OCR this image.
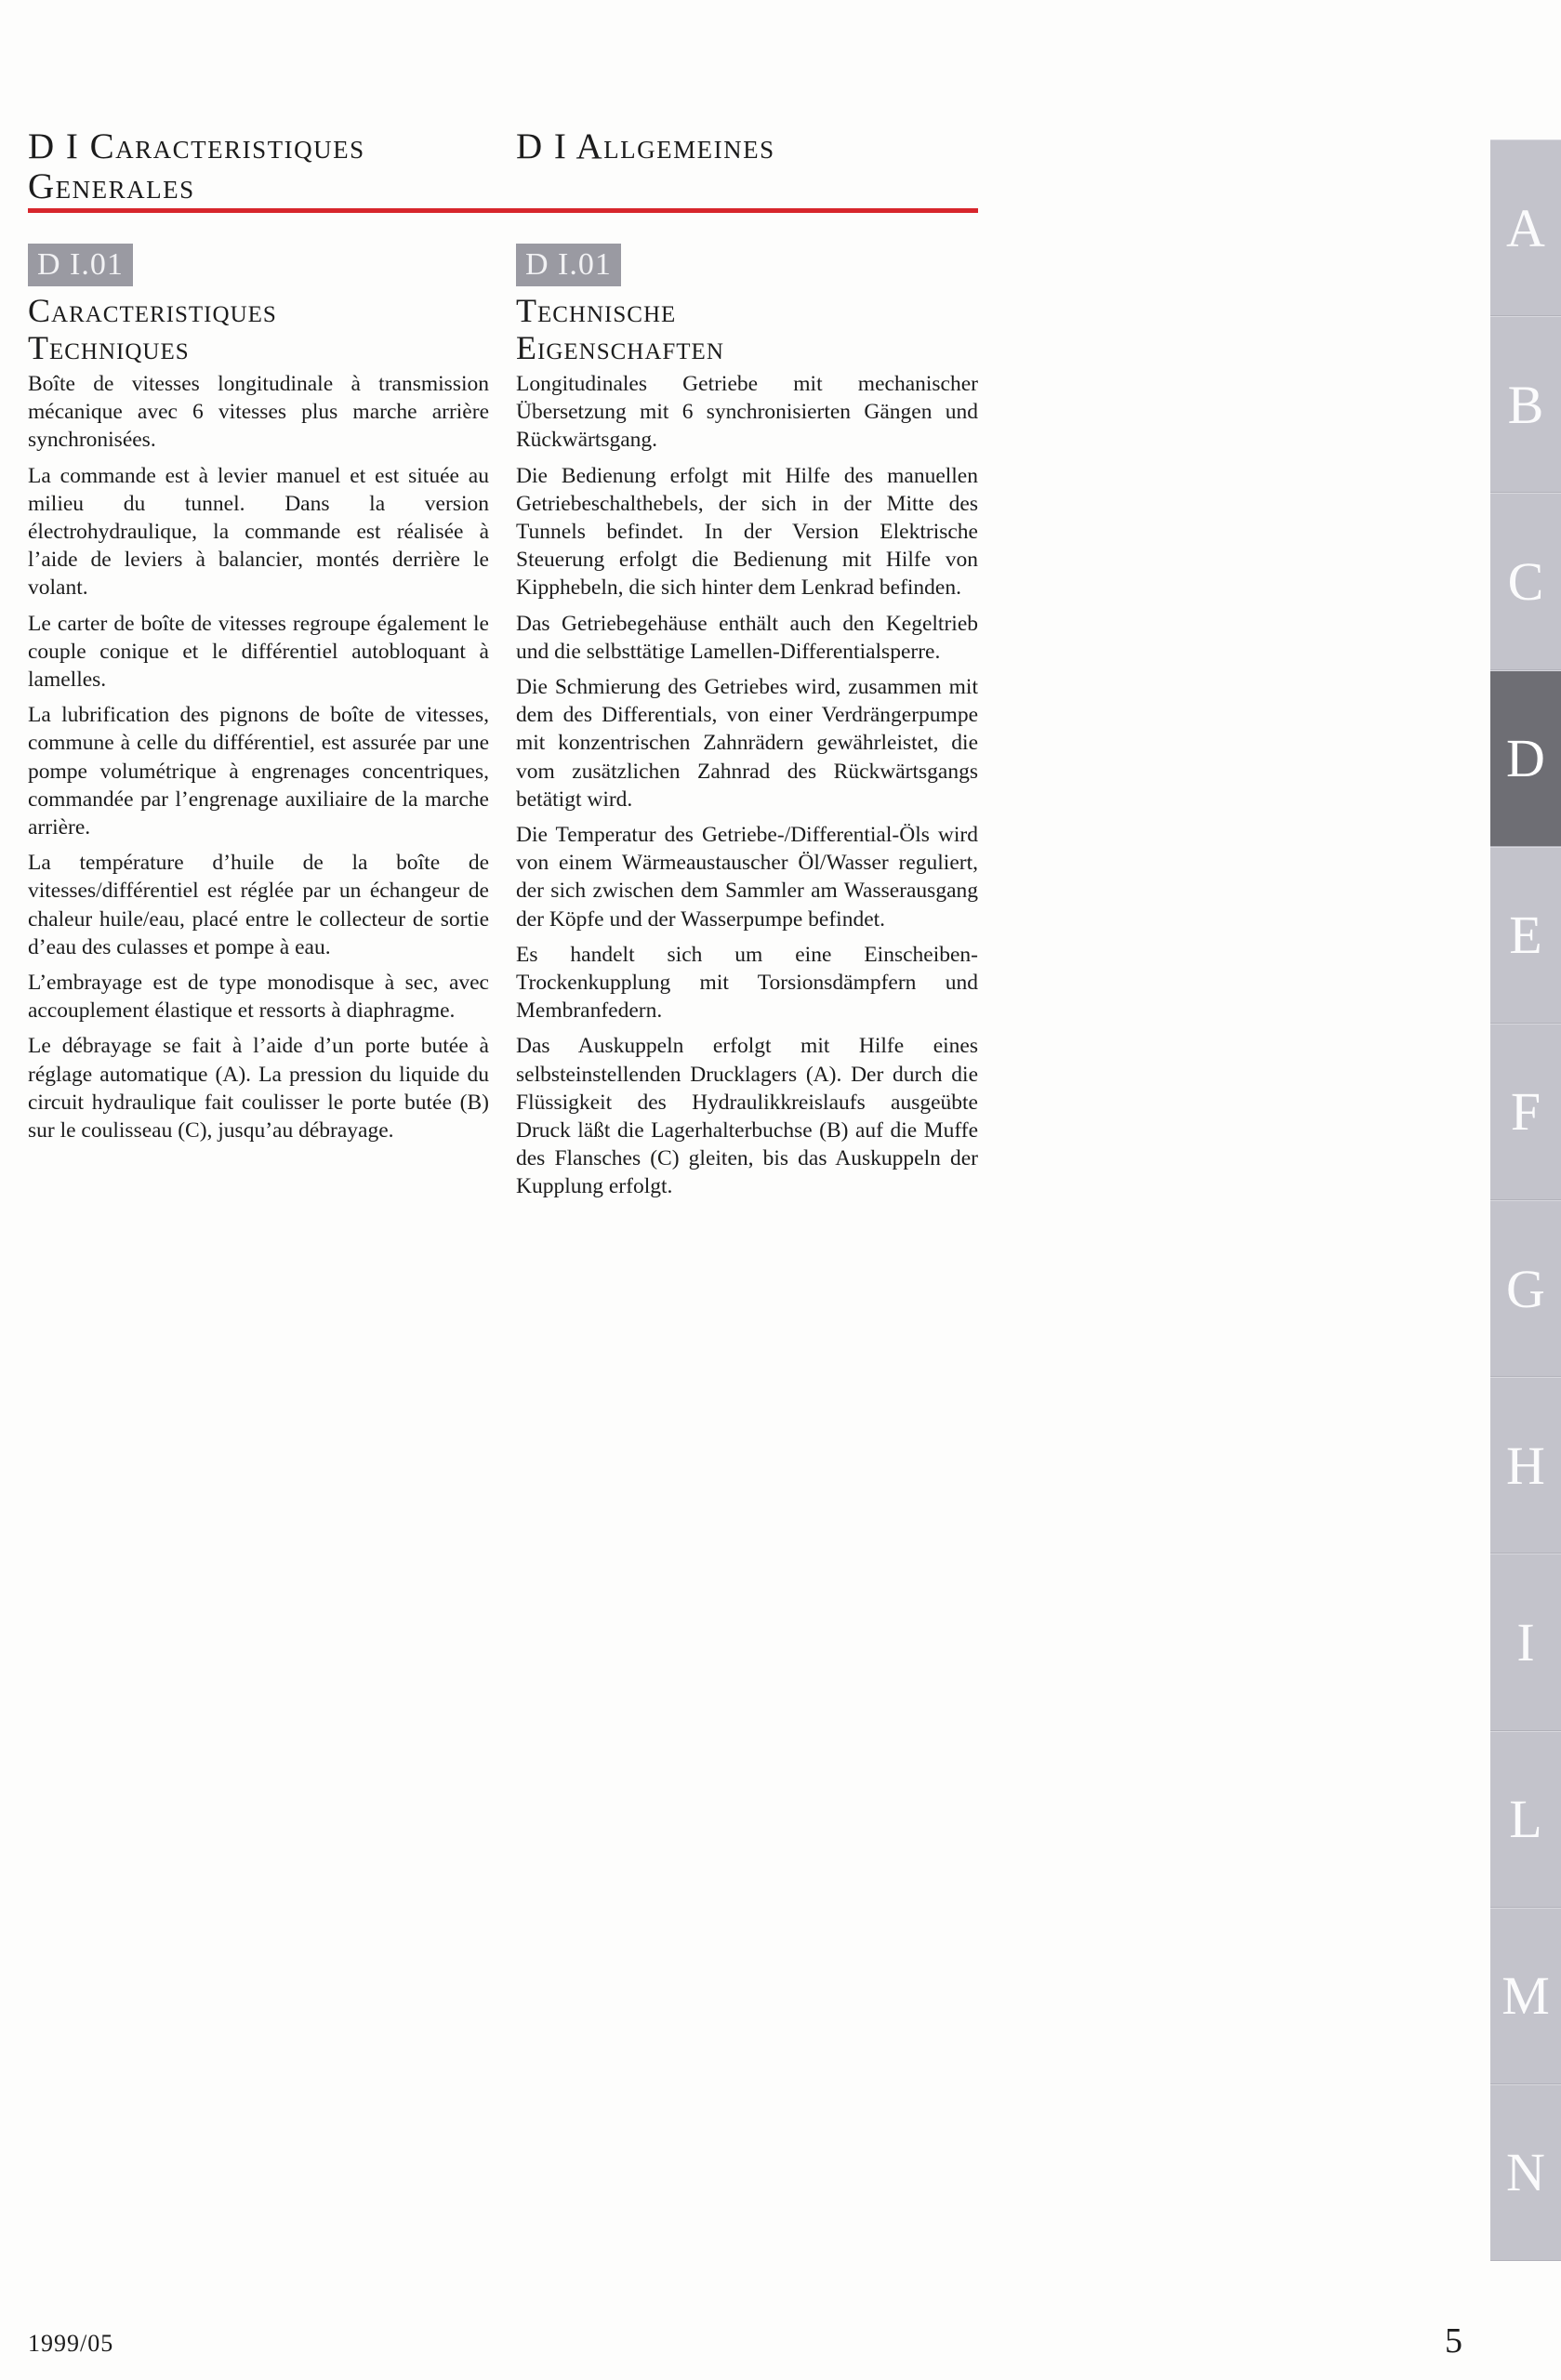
D I Caracteristiques
Generales
D I Allgemeines
D I.01	D I.01
Caracteristiques
Techniques
Technische
Eigenschaften

Boîte de vitesses longitudinale à transmission mécanique avec 6 vitesses plus marche arrière synchronisées.

La commande est à levier manuel et est située au milieu du tunnel. Dans la version électrohydraulique, la commande est réalisée à l’aide de leviers à balancier, montés derrière le volant.

Le carter de boîte de vitesses regroupe également le couple conique et le différentiel autobloquant à lamelles.

La lubrification des pignons de boîte de vitesses, commune à celle du différentiel, est assurée par une pompe volumétrique à engrenages concentriques, commandée par l’engrenage auxiliaire de la marche arrière.

La température d’huile de la boîte de vitesses/différentiel est réglée par un échangeur de chaleur huile/eau, placé entre le collecteur de sortie d’eau des culasses et pompe à eau.

L’embrayage est de type monodisque à sec, avec accouplement élastique et ressorts à diaphragme.

Le débrayage se fait à l’aide d’un porte butée à réglage automatique (A). La pression du liquide du circuit hydraulique fait coulisser le porte butée (B) sur le coulisseau (C), jusqu’au débrayage.

Longitudinales Getriebe mit mechanischer Übersetzung mit 6 synchronisierten Gängen und Rückwärtsgang.

Die Bedienung erfolgt mit Hilfe des manuellen Getriebeschalthebels, der sich in der Mitte des Tunnels befindet. In der Version Elektrische Steuerung erfolgt die Bedienung mit Hilfe von Kipphebeln, die sich hinter dem Lenkrad befinden.

Das Getriebegehäuse enthält auch den Kegeltrieb und die selbsttätige Lamellen-Differentialsperre.

Die Schmierung des Getriebes wird, zusammen mit dem des Differentials, von einer Verdrängerpumpe mit konzentrischen Zahnrädern gewährleistet, die vom zusätzlichen Zahnrad des Rückwärtsgangs betätigt wird.

Die Temperatur des Getriebe-/Differential-Öls wird von einem Wärmeaustauscher Öl/Wasser reguliert, der sich zwischen dem Sammler am Wasserausgang der Köpfe und der Wasserpumpe befindet.

Es handelt sich um eine Einscheiben-Trockenkupplung mit Torsionsdämpfern und Membranfedern.

Das Auskuppeln erfolgt mit Hilfe eines selbsteinstellenden Drucklagers (A). Der durch die Flüssigkeit des Hydraulikkreislaufs ausgeübte Druck läßt die Lagerhalterbuchse (B) auf die Muffe des Flansches (C) gleiten, bis das Auskuppeln der Kupplung erfolgt.

A
B
C
D
E
F
G
H
I
L
M
N
1999/05	5
